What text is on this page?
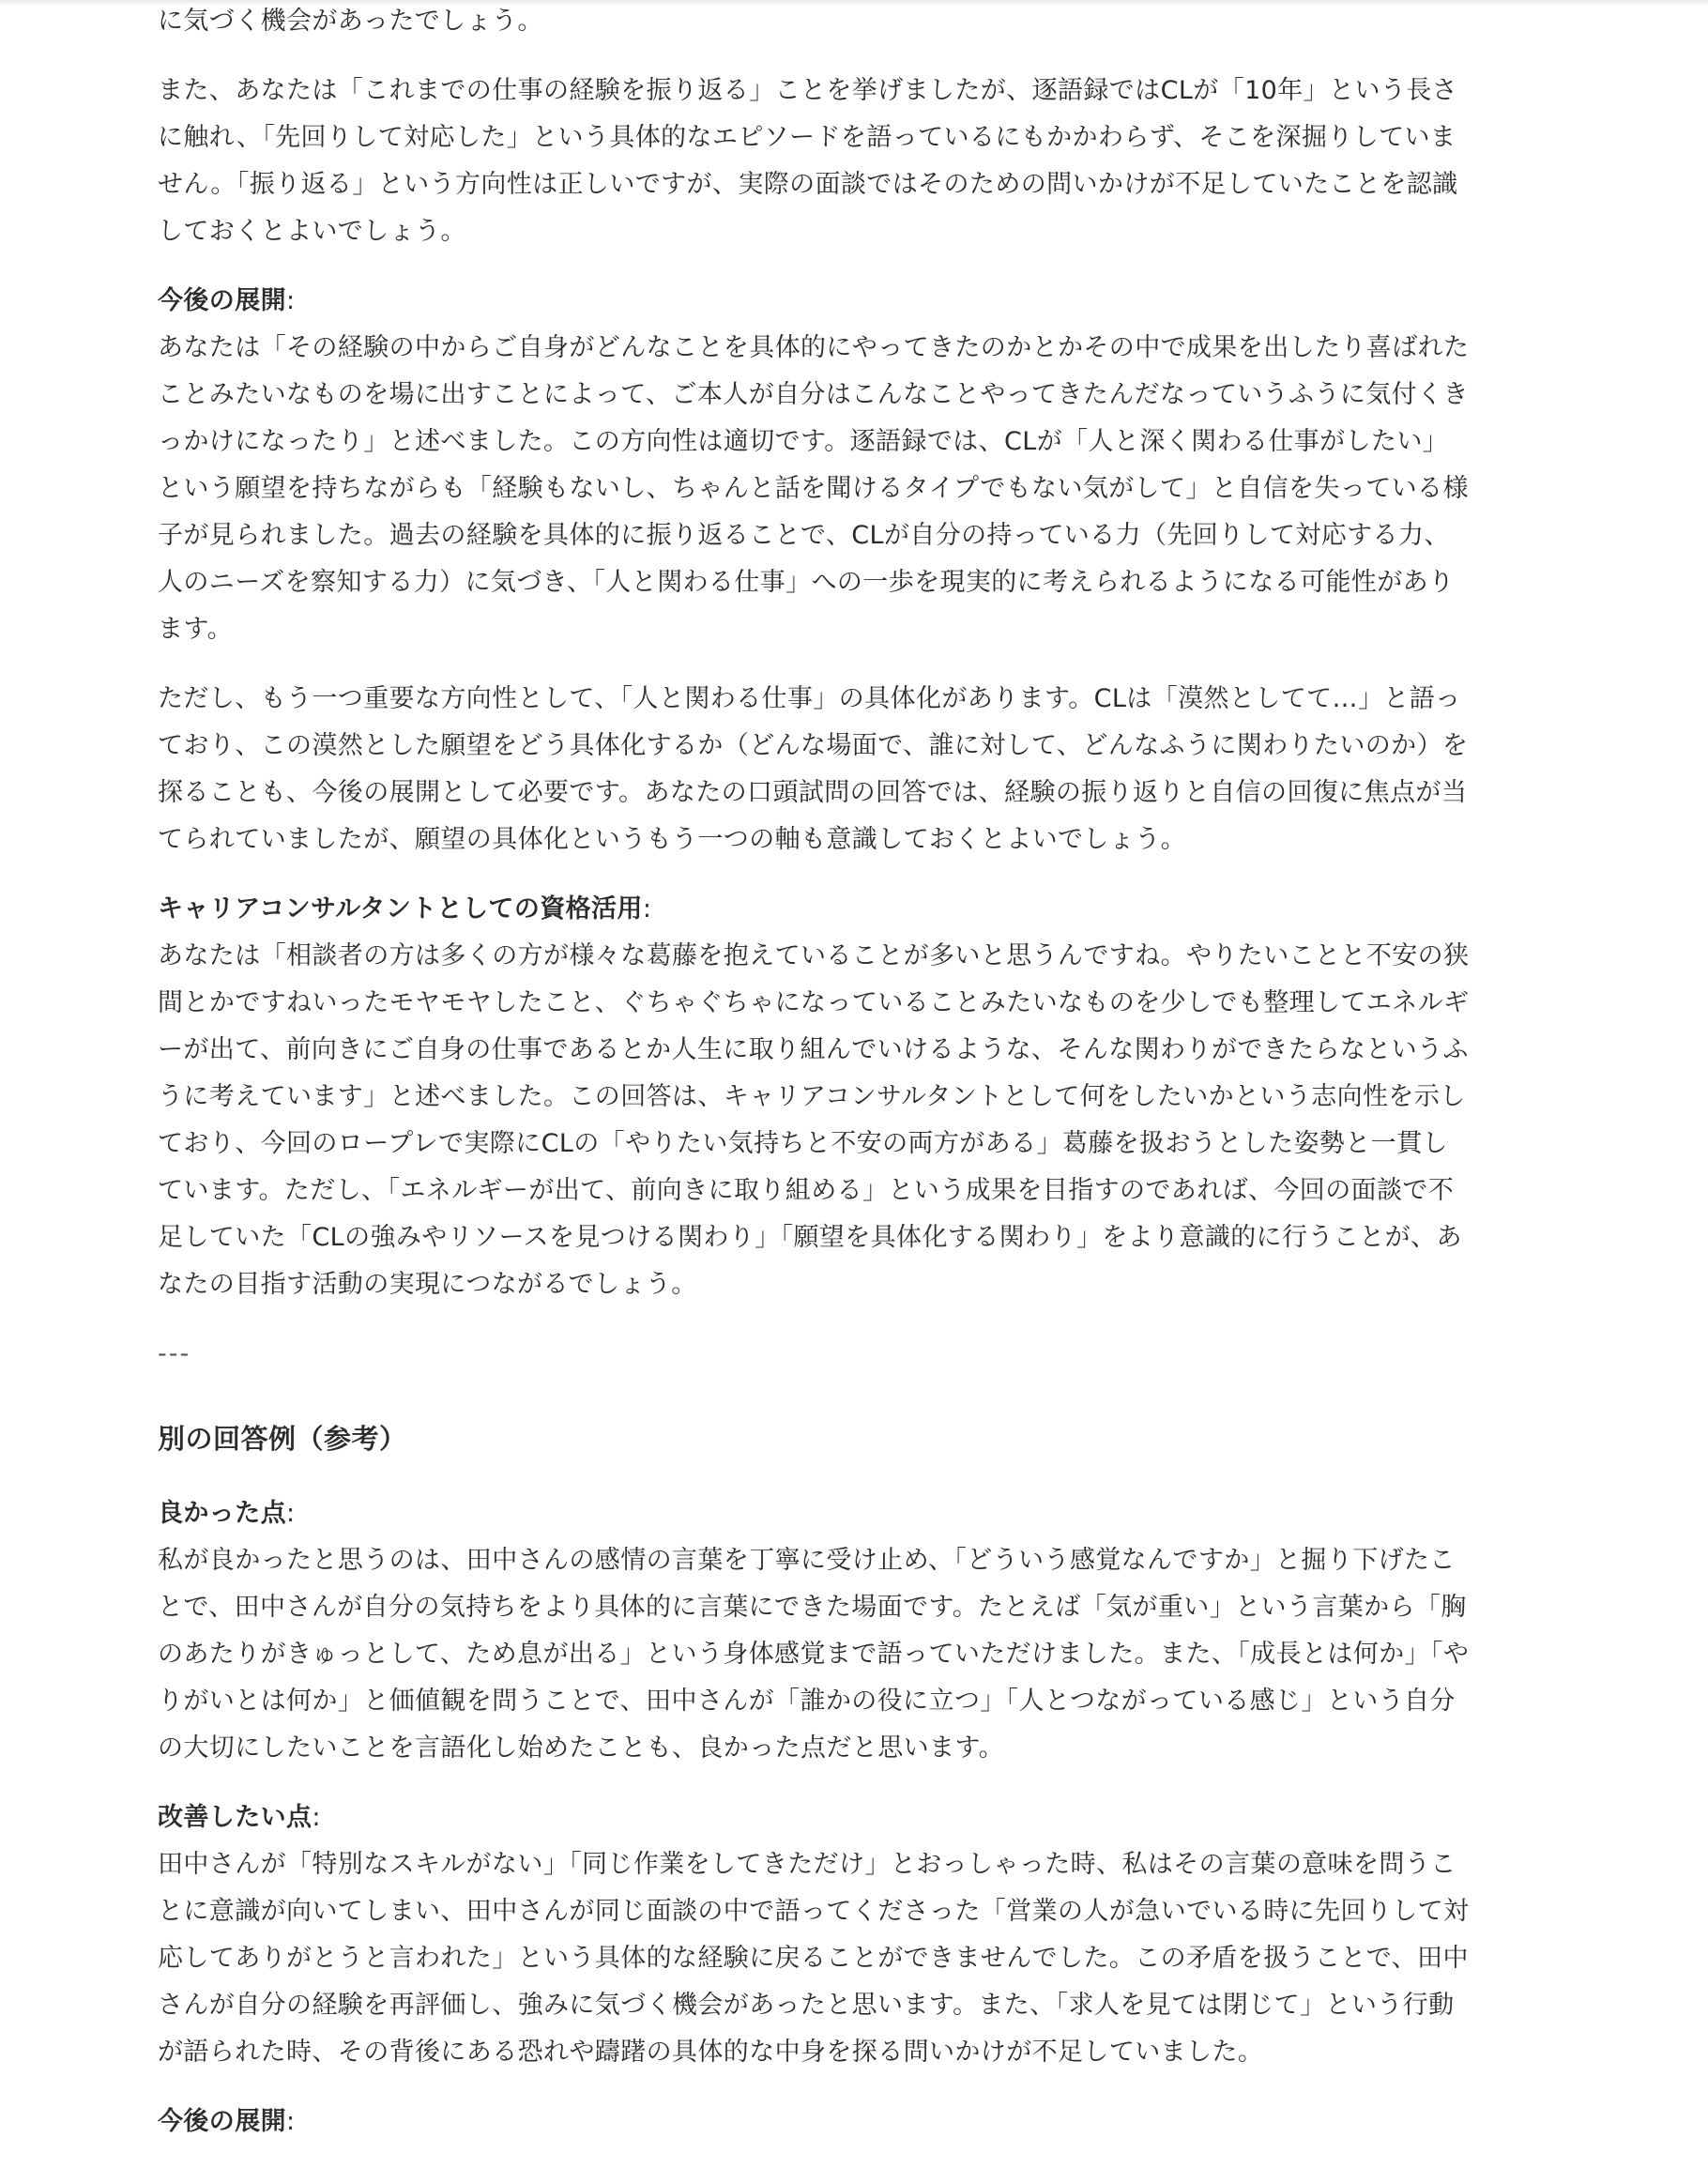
に気づく機会があったでしょう。

また、あなたは「これまでの仕事の経験を振り返る」ことを挙げましたが、逐語録ではCLが「10年」という長さに触れ、「先回りして対応した」という具体的なエピソードを語っているにもかかわらず、そこを深掘りしていません。「振り返る」という方向性は正しいですが、実際の面談ではそのための問いかけが不足していたことを認識しておくとよいでしょう。

今後の展開:
あなたは「その経験の中からご自身がどんなことを具体的にやってきたのかとかその中で成果を出したり喜ばれたことみたいなものを場に出すことによって、ご本人が自分はこんなことやってきたんだなっていうふうに気付くきっかけになったり」と述べました。この方向性は適切です。逐語録では、CLが「人と深く関わる仕事がしたい」という願望を持ちながらも「経験もないし、ちゃんと話を聞けるタイプでもない気がして」と自信を失っている様子が見られました。過去の経験を具体的に振り返ることで、CLが自分の持っている力（先回りして対応する力、人のニーズを察知する力）に気づき、「人と関わる仕事」への一歩を現実的に考えられるようになる可能性があります。

ただし、もう一つ重要な方向性として、「人と関わる仕事」の具体化があります。CLは「漠然としてて…」と語っており、この漠然とした願望をどう具体化するか（どんな場面で、誰に対して、どんなふうに関わりたいのか）を探ることも、今後の展開として必要です。あなたの口頭試問の回答では、経験の振り返りと自信の回復に焦点が当てられていましたが、願望の具体化というもう一つの軸も意識しておくとよいでしょう。

キャリアコンサルタントとしての資格活用:
あなたは「相談者の方は多くの方が様々な葛藤を抱えていることが多いと思うんですね。やりたいことと不安の狭間とかですねいったモヤモヤしたこと、ぐちゃぐちゃになっていることみたいなものを少しでも整理してエネルギーが出て、前向きにご自身の仕事であるとか人生に取り組んでいけるような、そんな関わりができたらなというふうに考えています」と述べました。この回答は、キャリアコンサルタントとして何をしたいかという志向性を示しており、今回のロープレで実際にCLの「やりたい気持ちと不安の両方がある」葛藤を扱おうとした姿勢と一貫しています。ただし、「エネルギーが出て、前向きに取り組める」という成果を目指すのであれば、今回の面談で不足していた「CLの強みやリソースを見つける関わり」「願望を具体化する関わり」をより意識的に行うことが、あなたの目指す活動の実現につながるでしょう。

---
別の回答例（参考）

良かった点:
私が良かったと思うのは、田中さんの感情の言葉を丁寧に受け止め、「どういう感覚なんですか」と掘り下げたことで、田中さんが自分の気持ちをより具体的に言葉にできた場面です。たとえば「気が重い」という言葉から「胸のあたりがきゅっとして、ため息が出る」という身体感覚まで語っていただけました。また、「成長とは何か」「やりがいとは何か」と価値観を問うことで、田中さんが「誰かの役に立つ」「人とつながっている感じ」という自分の大切にしたいことを言語化し始めたことも、良かった点だと思います。

改善したい点:
田中さんが「特別なスキルがない」「同じ作業をしてきただけ」とおっしゃった時、私はその言葉の意味を問うことに意識が向いてしまい、田中さんが同じ面談の中で語ってくださった「営業の人が急いでいる時に先回りして対応してありがとうと言われた」という具体的な経験に戻ることができませんでした。この矛盾を扱うことで、田中さんが自分の経験を再評価し、強みに気づく機会があったと思います。また、「求人を見ては閉じて」という行動が語られた時、その背後にある恐れや躊躇の具体的な中身を探る問いかけが不足していました。

今後の展開:
